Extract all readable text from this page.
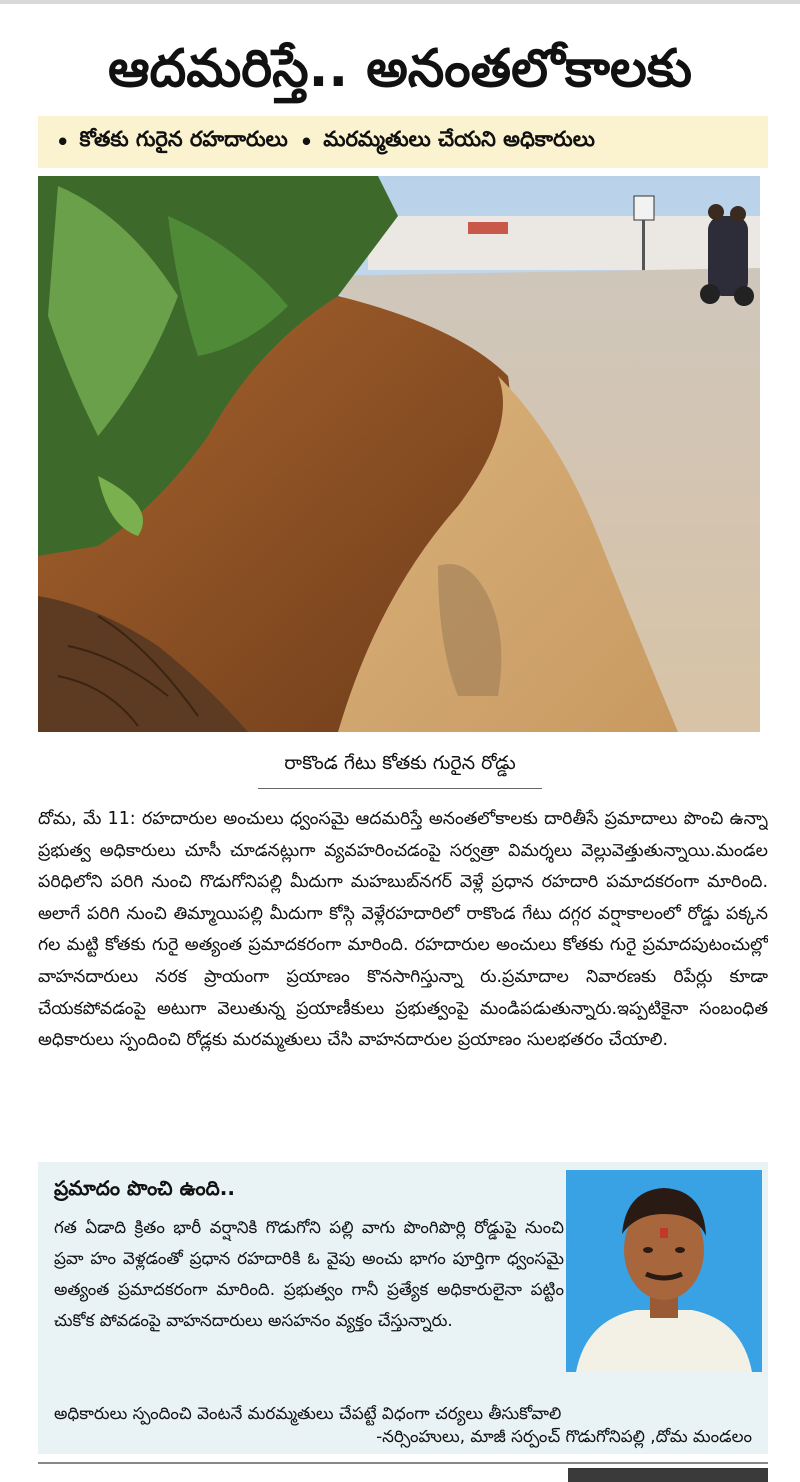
ఆదమరిస్తే.. అనంతలోకాలకు
• కోతకు గురైన రహదారులు • మరమ్మతులు చేయని అధికారులు
రాకొండ గేటు కోతకు గురైన రోడ్డు
దోమ, మే 11: రహదారుల అంచులు ధ్వంసమై ఆదమరిస్తే అనంతలోకాలకు దారితీసే ప్రమాదాలు పొంచి ఉన్నా ప్రభుత్వ అధికారులు చూసీ చూడనట్లుగా వ్యవహరించడంపై సర్వత్రా విమర్శలు వెల్లువెత్తుతున్నాయి.మండల పరిధిలోని పరిగి నుంచి గొడుగోనిపల్లి మీదుగా మహబుబ్‌నగర్ వెళ్లే ప్రధాన రహదారి పమాదకరంగా మారింది. అలాగే పరిగి నుంచి తిమ్మాయిపల్లి మీదుగా కోస్గి వెళ్లేరహదారిలో రాకొండ గేటు దగ్గర వర్షాకాలంలో రోడ్డు పక్కన గల మట్టి కోతకు గురై అత్యంత ప్రమాదకరంగా మారింది. రహదారుల అంచులు కోతకు గురై ప్రమాదపుటంచుల్లో వాహనదారులు నరక ప్రాయంగా ప్రయాణం కొనసాగిస్తున్నా రు.ప్రమాదాల నివారణకు రిపేర్లు కూడా చేయకపోవడంపై అటుగా వెలుతున్న ప్రయాణీకులు ప్రభుత్వంపై మండిపడుతున్నారు.ఇప్పటికైనా సంబంధిత అధికారులు స్పందించి రోడ్లకు మరమ్మతులు చేసి వాహనదారుల ప్రయాణం సులభతరం చేయాలి.
ప్రమాదం పొంచి ఉంది..
గత ఏడాది క్రితం భారీ వర్షానికి గొడుగోని పల్లి వాగు పొంగిపొర్లి రోడ్డుపై నుంచి ప్రవా హం వెళ్లడంతో ప్రధాన రహదారికి ఓ వైపు అంచు భాగం పూర్తిగా ధ్వంసమై అత్యంత ప్రమాదకరంగా మారింది. ప్రభుత్వం గానీ ప్రత్యేక అధికారులైనా పట్టిం చుకోక పోవడంపై వాహనదారులు అసహనం వ్యక్తం చేస్తున్నారు.
అధికారులు స్పందించి వెంటనే మరమ్మతులు చేపట్టే విధంగా చర్యలు తీసుకోవాలి
-నర్సింహులు, మాజీ సర్పంచ్ గొడుగోనిపల్లి ,దోమ మండలం
